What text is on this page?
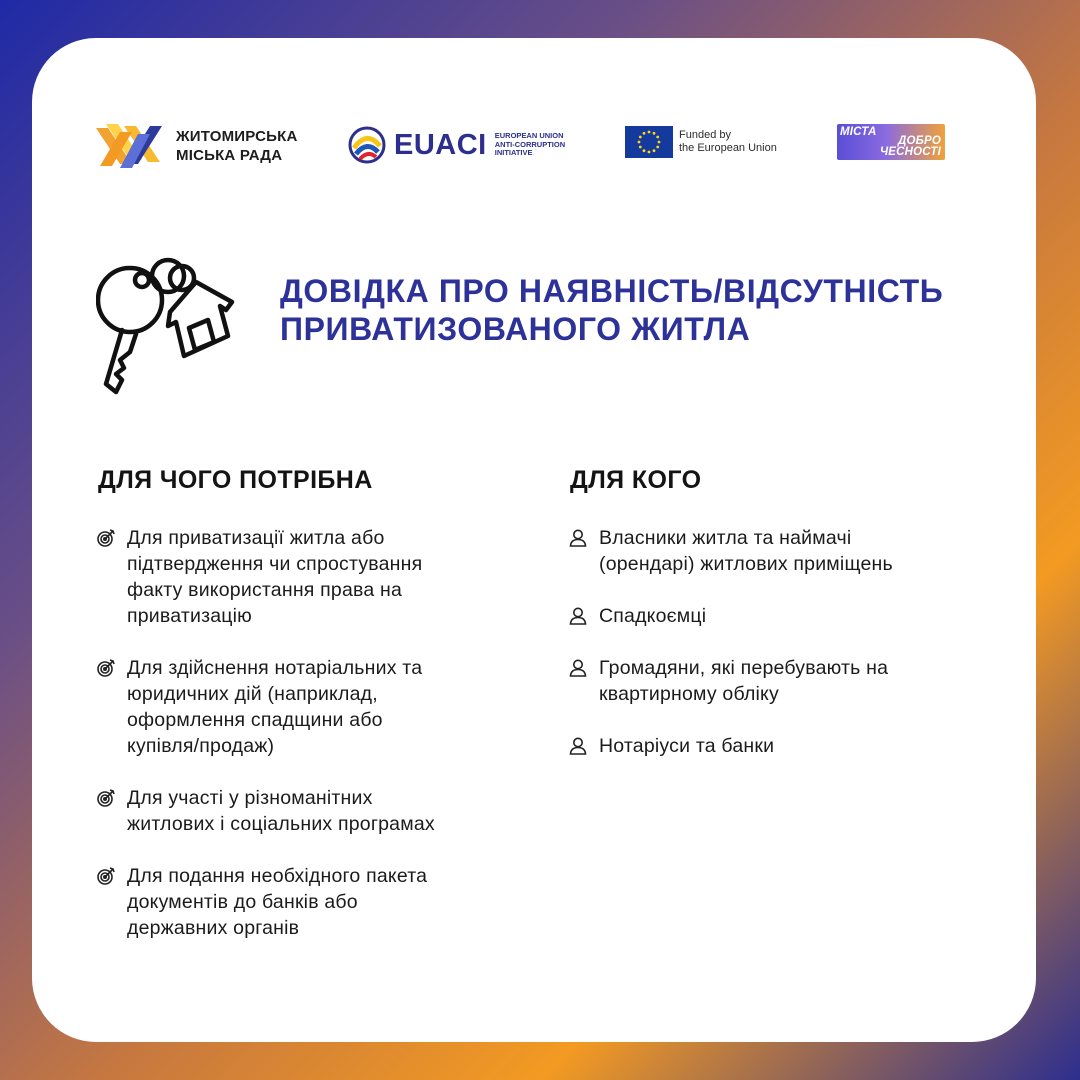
ЖИТОМИРСЬКА
МІСЬКА РАДА	EUACI EUROPEAN UNION
ANTI-CORRUPTION
INITIATIVE
Funded by
the European Union
МІСТА
ДОБРО
ЧЕСНОСТІ
ДОВІДКА ПРО НАЯВНІСТЬ/ВІДСУТНІСТЬ
ПРИВАТИЗОВАНОГО ЖИТЛА
ДЛЯ ЧОГО ПОТРІБНА
Для приватизації житла або
підтвердження чи спростування
факту використання права на
приватизацію
Для здійснення нотаріальних та
юридичних дій (наприклад,
оформлення спадщини або
купівля/продаж)
Для участі у різноманітних
житлових і соціальних програмах
Для подання необхідного пакета
документів до банків або
державних органів
ДЛЯ КОГО
Власники житла та наймачі
(орендарі) житлових приміщень
Спадкоємці
Громадяни, які перебувають на
квартирному обліку
Нотаріуси та банки
